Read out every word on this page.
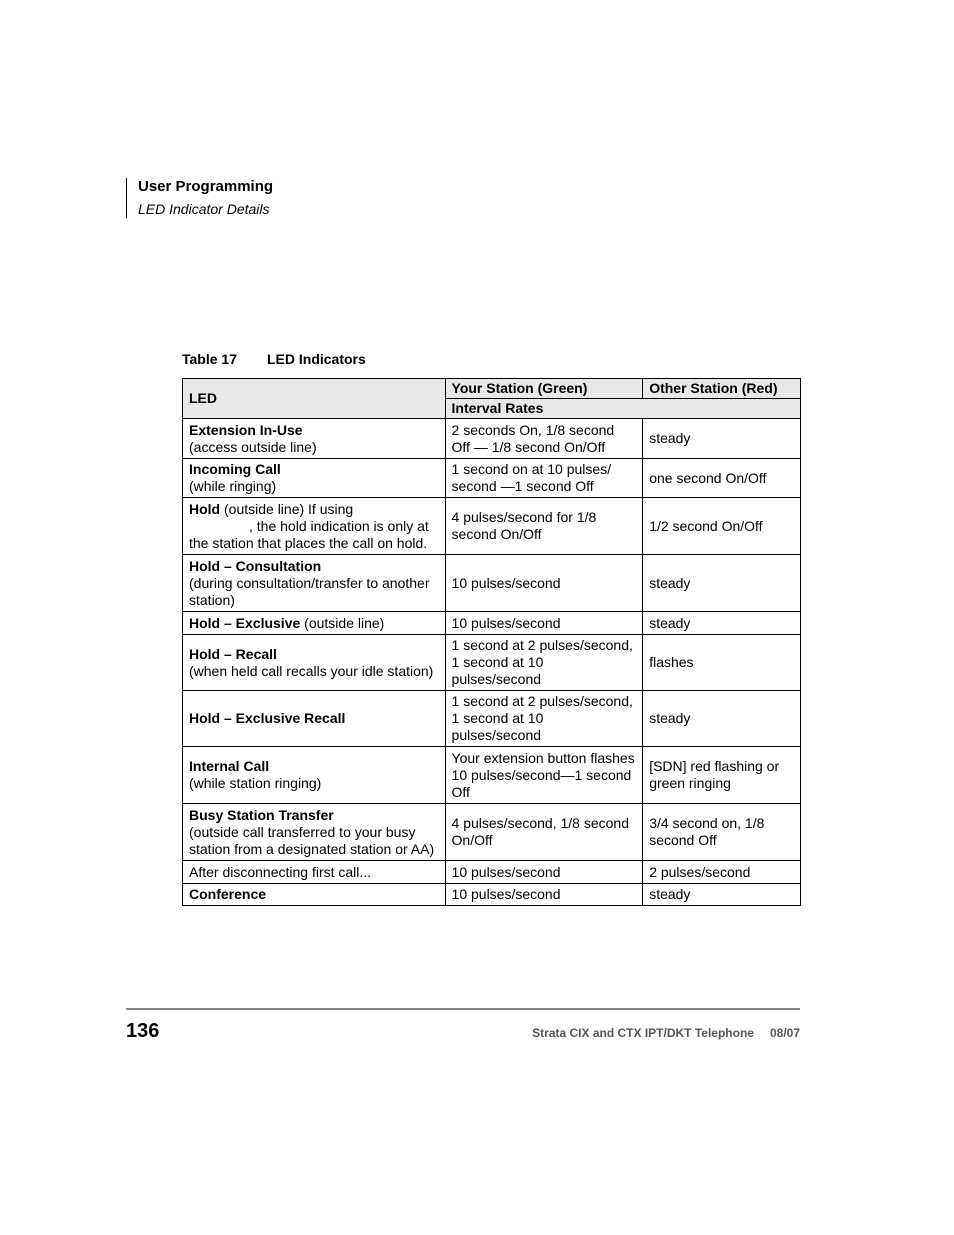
User Programming
LED Indicator Details
Table 17 LED Indicators
LED	Your Station (Green)	Other Station (Red)
	Interval Rates	
Extension In-Use
(access outside line)	2 seconds On, 1/8 second Off — 1/8 second On/Off	steady
Incoming Call
(while ringing)	1 second on at 10 pulses/ second —1 second Off	one second On/Off
Hold (outside line) If using
, the hold indication is only at the station that places the call on hold.	4 pulses/second for 1/8 second On/Off	1/2 second On/Off
Hold – Consultation
(during consultation/transfer to another station)	10 pulses/second	steady
Hold – Exclusive (outside line)	10 pulses/second	steady
Hold – Recall
(when held call recalls your idle station)	1 second at 2 pulses/second, 1 second at 10 pulses/second	flashes
Hold – Exclusive Recall	1 second at 2 pulses/second, 1 second at 10 pulses/second	steady
Internal Call
(while station ringing)	Your extension button flashes 10 pulses/second—1 second Off	[SDN] red flashing or green ringing
Busy Station Transfer
(outside call transferred to your busy station from a designated station or AA)	4 pulses/second, 1/8 second On/Off	3/4 second on, 1/8 second Off
After disconnecting first call...	10 pulses/second	2 pulses/second
Conference	10 pulses/second	steady
136	Strata CIX and CTX IPT/DKT Telephone 08/07
